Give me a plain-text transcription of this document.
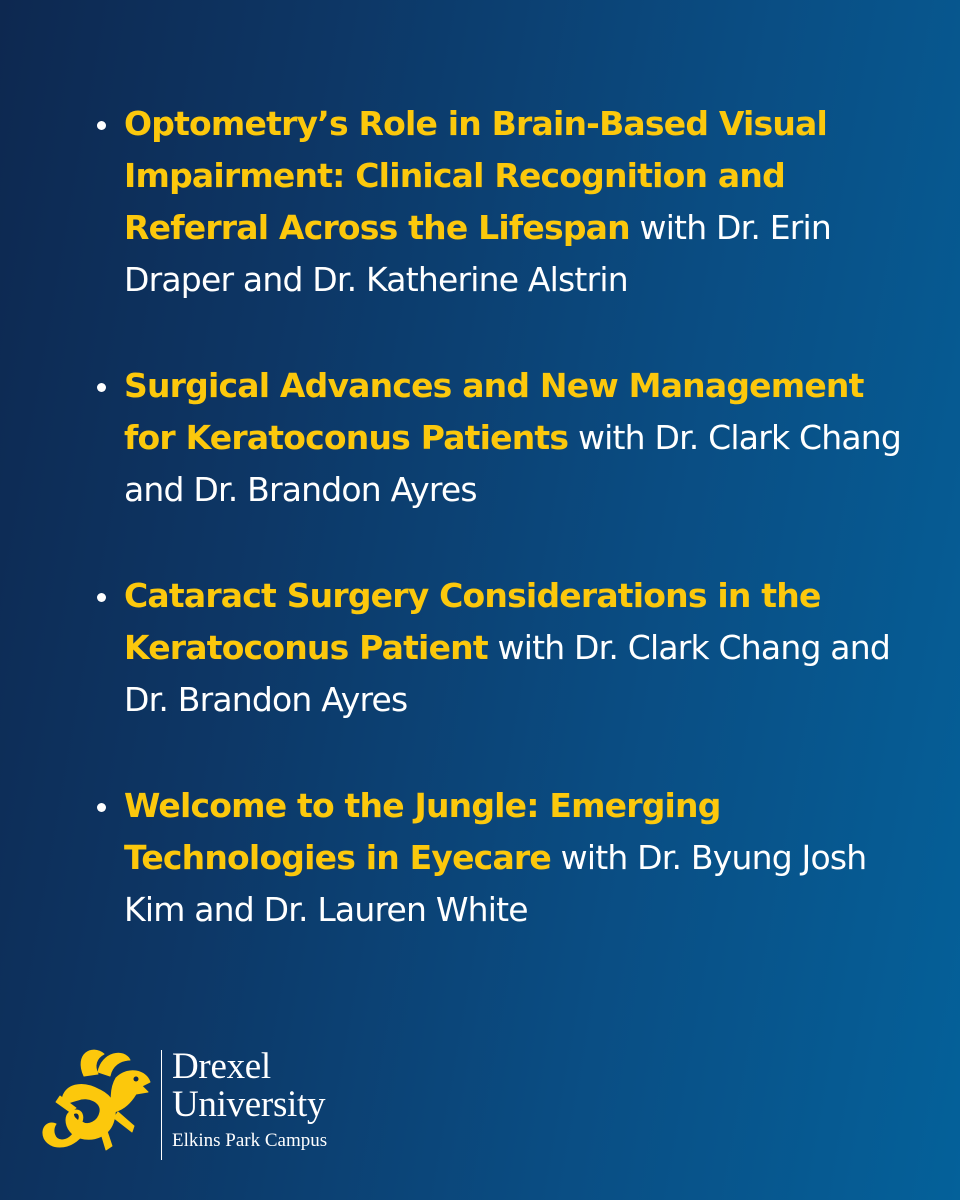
Optometry’s Role in Brain-Based Visual Impairment: Clinical Recognition and Referral Across the Lifespan with Dr. Erin Draper and Dr. Katherine Alstrin
Surgical Advances and New Management for Keratoconus Patients with Dr. Clark Chang and Dr. Brandon Ayres
Cataract Surgery Considerations in the Keratoconus Patient with Dr. Clark Chang and Dr. Brandon Ayres
Welcome to the Jungle: Emerging Technologies in Eyecare with Dr. Byung Josh Kim and Dr. Lauren White
Drexel
University
Elkins Park Campus
